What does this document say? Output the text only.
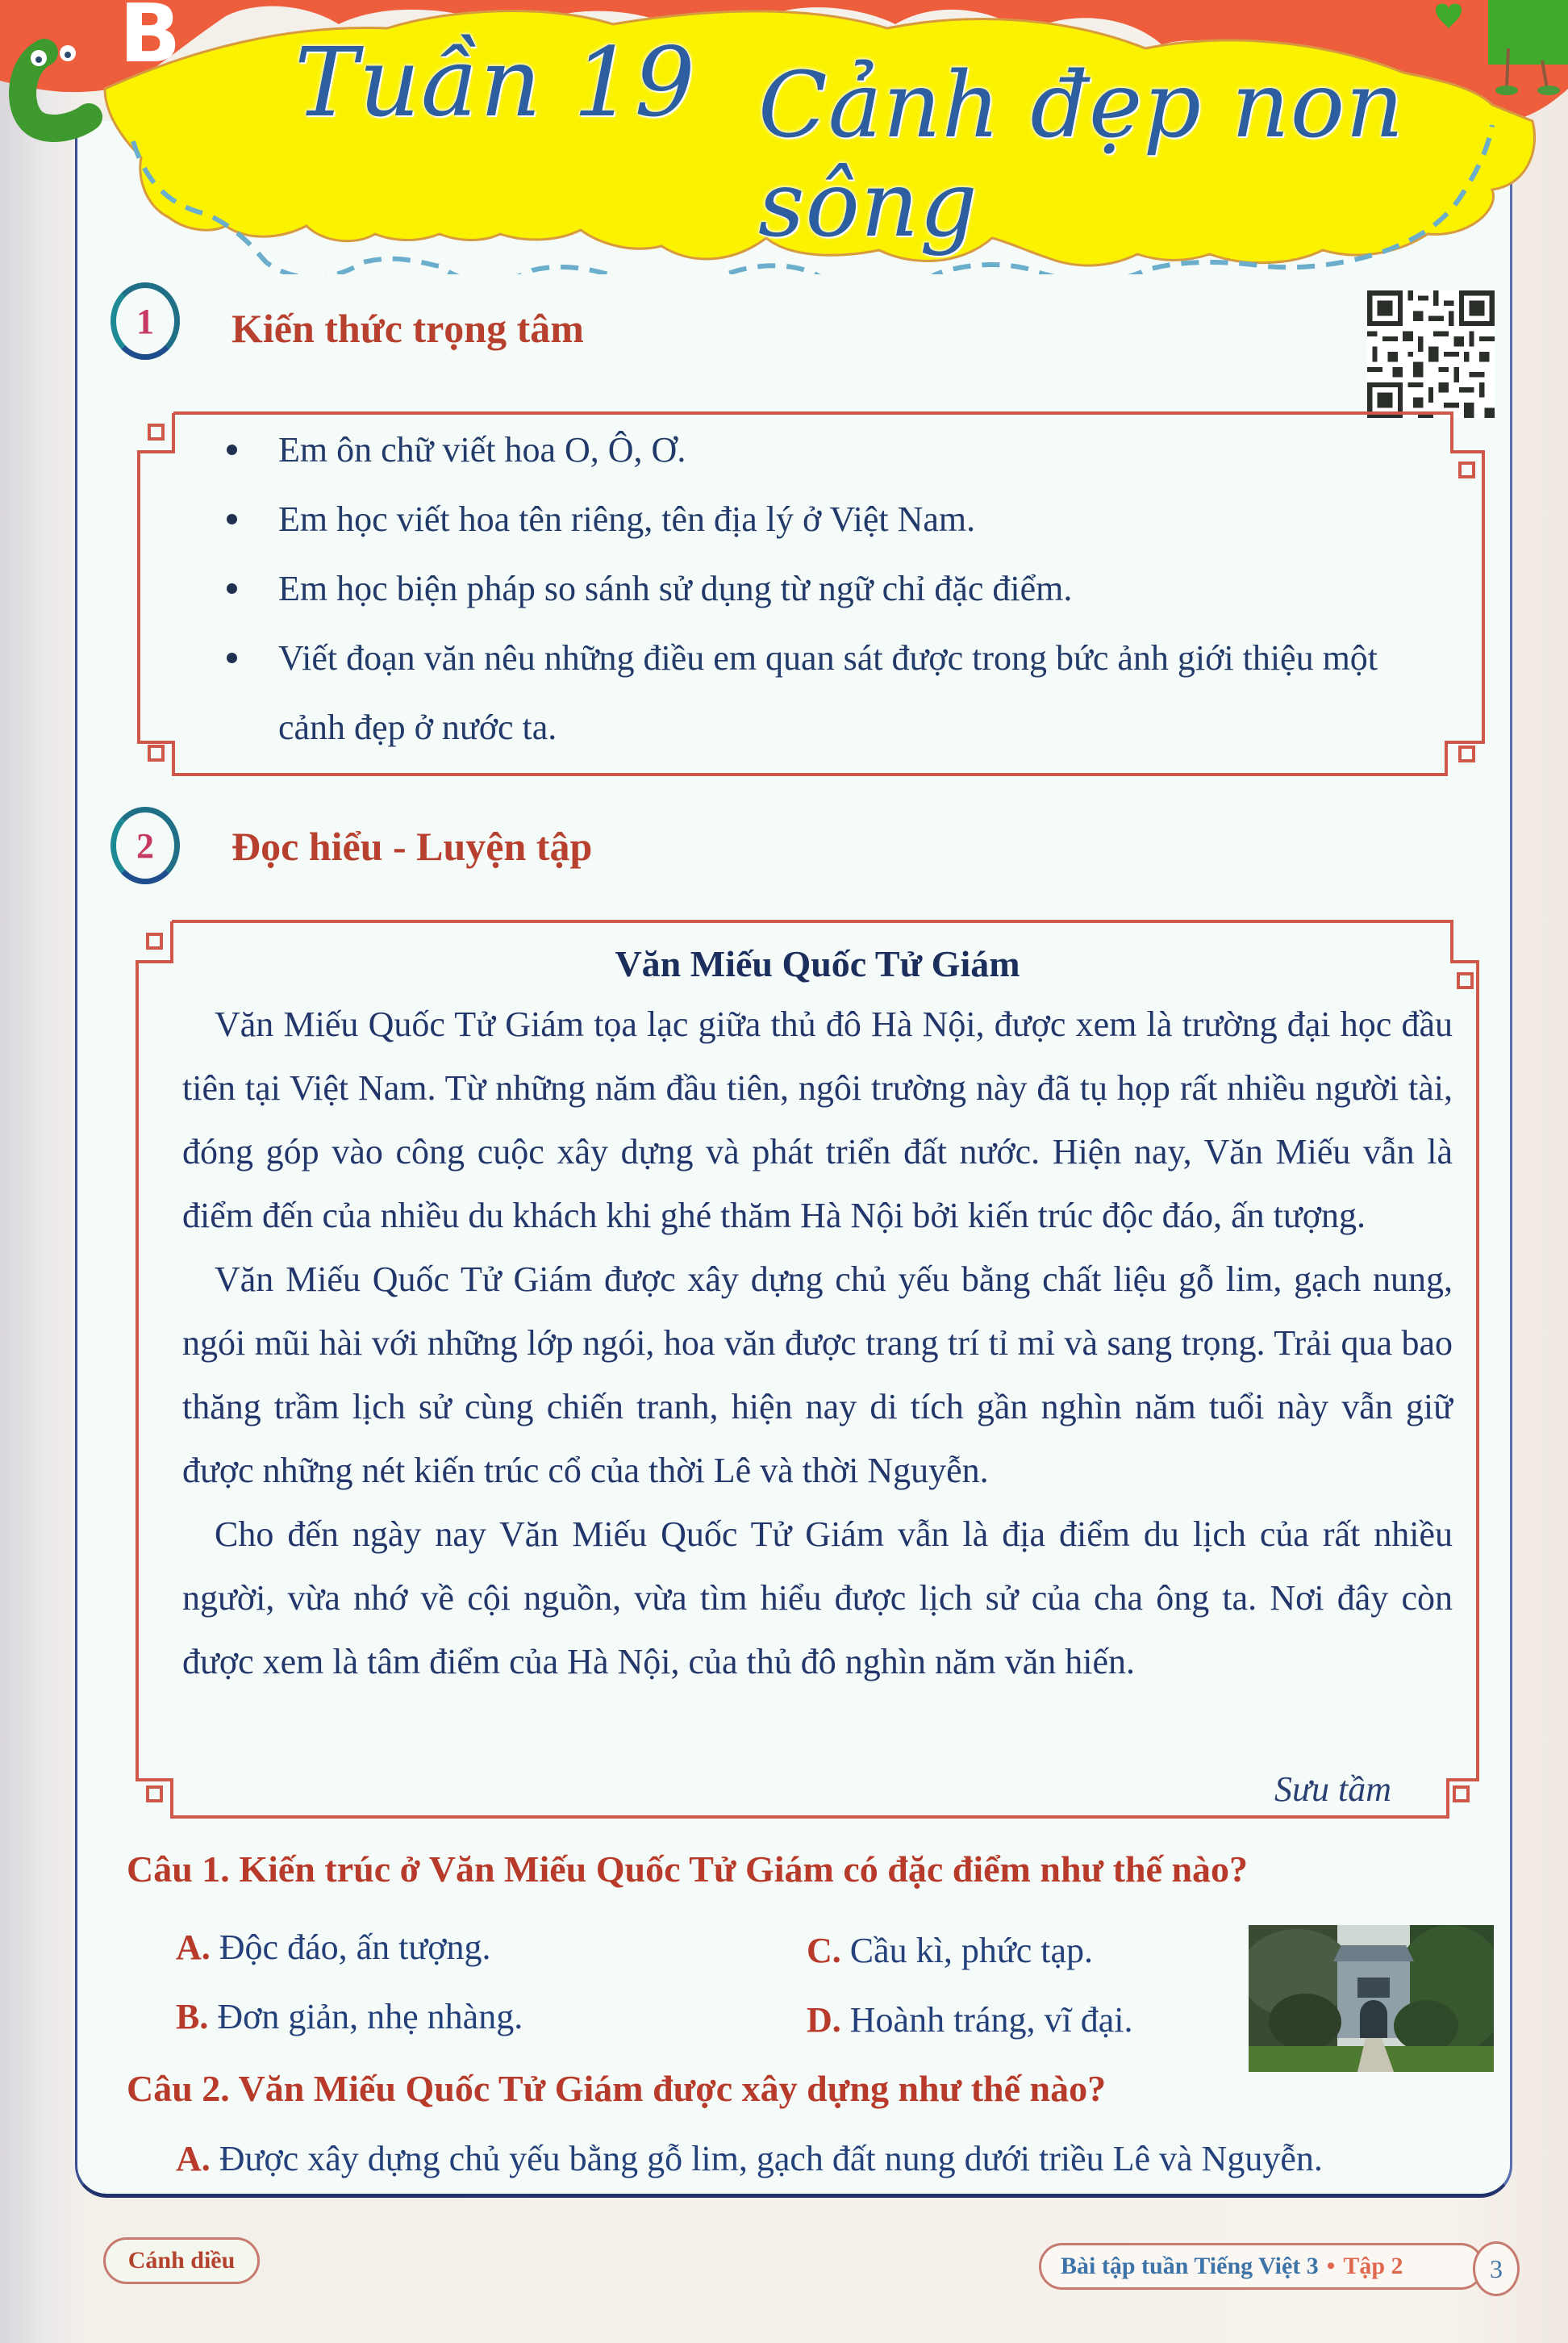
B Tuần 19 Cảnh đẹp non sông
1 Kiến thức trọng tâm
Em ôn chữ viết hoa O, Ô, Ơ.
Em học viết hoa tên riêng, tên địa lý ở Việt Nam.
Em học biện pháp so sánh sử dụng từ ngữ chỉ đặc điểm.
Viết đoạn văn nêu những điều em quan sát được trong bức ảnh giới thiệu một cảnh đẹp ở nước ta.
2 Đọc hiểu - Luyện tập
Văn Miếu Quốc Tử Giám

Văn Miếu Quốc Tử Giám tọa lạc giữa thủ đô Hà Nội, được xem là trường đại học đầu tiên tại Việt Nam. Từ những năm đầu tiên, ngôi trường này đã tụ họp rất nhiều người tài, đóng góp vào công cuộc xây dựng và phát triển đất nước. Hiện nay, Văn Miếu vẫn là điểm đến của nhiều du khách khi ghé thăm Hà Nội bởi kiến trúc độc đáo, ấn tượng.

Văn Miếu Quốc Tử Giám được xây dựng chủ yếu bằng chất liệu gỗ lim, gạch nung, ngói mũi hài với những lớp ngói, hoa văn được trang trí tỉ mỉ và sang trọng. Trải qua bao thăng trầm lịch sử cùng chiến tranh, hiện nay di tích gần nghìn năm tuổi này vẫn giữ được những nét kiến trúc cổ của thời Lê và thời Nguyễn.

Cho đến ngày nay Văn Miếu Quốc Tử Giám vẫn là địa điểm du lịch của rất nhiều người, vừa nhớ về cội nguồn, vừa tìm hiểu được lịch sử của cha ông ta. Nơi đây còn được xem là tâm điểm của Hà Nội, của thủ đô nghìn năm văn hiến.

Sưu tầm
Câu 1. Kiến trúc ở Văn Miếu Quốc Tử Giám có đặc điểm như thế nào?
A. Độc đáo, ấn tượng.
B. Đơn giản, nhẹ nhàng.
C. Cầu kì, phức tạp.
D. Hoành tráng, vĩ đại.
Câu 2. Văn Miếu Quốc Tử Giám được xây dựng như thế nào?
A. Được xây dựng chủ yếu bằng gỗ lim, gạch đất nung dưới triều Lê và Nguyễn.
Cánh diều	Bài tập tuần Tiếng Việt 3 • Tập 2	3
